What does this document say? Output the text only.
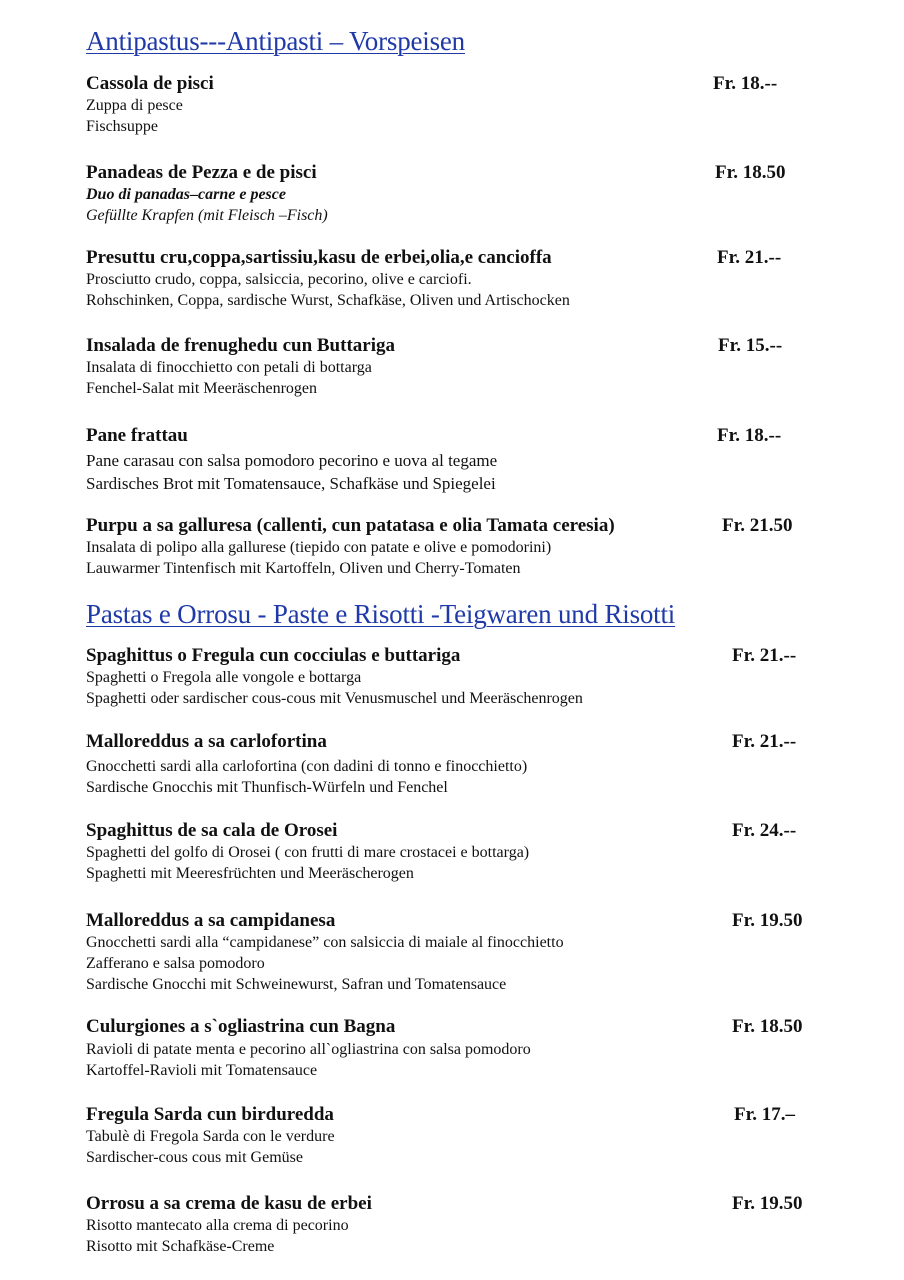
Antipastus---Antipasti – Vorspeisen
Cassola de pisci	Fr. 18.--
Zuppa di pesce
Fischsuppe
Panadeas de Pezza e de pisci	Fr. 18.50
Duo di panadas–carne e pesce
Gefüllte Krapfen (mit Fleisch –Fisch)
Presuttu cru,coppa,sartissiu,kasu de erbei,olia,e cancioffa	Fr. 21.--
Prosciutto crudo, coppa, salsiccia, pecorino, olive e carciofi.
Rohschinken, Coppa, sardische Wurst, Schafkäse, Oliven und Artischocken
Insalada de frenughedu cun Buttariga	Fr. 15.--
Insalata di finocchietto con petali di bottarga
Fenchel-Salat mit Meeräschenrogen
Pane frattau	Fr. 18.--
Pane carasau con salsa pomodoro pecorino e uova al tegame
Sardisches Brot mit Tomatensauce, Schafkäse und Spiegelei
Purpu a sa galluresa (callenti, cun patatasa e olia Tamata ceresia)	Fr. 21.50
Insalata di polipo alla gallurese (tiepido con patate e olive e pomodorini)
Lauwarmer Tintenfisch mit Kartoffeln, Oliven und Cherry-Tomaten
Pastas e Orrosu - Paste e Risotti -Teigwaren und Risotti
Spaghittus o Fregula cun cocciulas e buttariga	Fr. 21.--
Spaghetti o Fregola alle vongole e bottarga
Spaghetti oder sardischer cous-cous mit Venusmuschel und Meeräschenrogen
Malloreddus a sa carlofortina	Fr. 21.--
Gnocchetti sardi alla carlofortina (con dadini di tonno e finocchietto)
Sardische Gnocchis mit Thunfisch-Würfeln und Fenchel
Spaghittus de sa cala de Orosei	Fr. 24.--
Spaghetti del golfo di Orosei ( con frutti di mare crostacei e bottarga)
Spaghetti mit Meeresfrüchten und Meeräscherogen
Malloreddus a sa campidanesa	Fr. 19.50
Gnocchetti sardi alla “campidanese” con salsiccia di maiale al finocchietto
Zafferano e salsa pomodoro
Sardische Gnocchi mit Schweinewurst, Safran und Tomatensauce
Culurgiones a s`ogliastrina cun Bagna	Fr. 18.50
Ravioli di patate menta e pecorino all`ogliastrina con salsa pomodoro
Kartoffel-Ravioli mit Tomatensauce
Fregula Sarda cun birduredda	Fr. 17.–
Tabulè di Fregola Sarda con le verdure
Sardischer-cous cous mit Gemüse
Orrosu a sa crema de kasu de erbei	Fr. 19.50
Risotto mantecato alla crema di pecorino
Risotto mit Schafkäse-Creme
